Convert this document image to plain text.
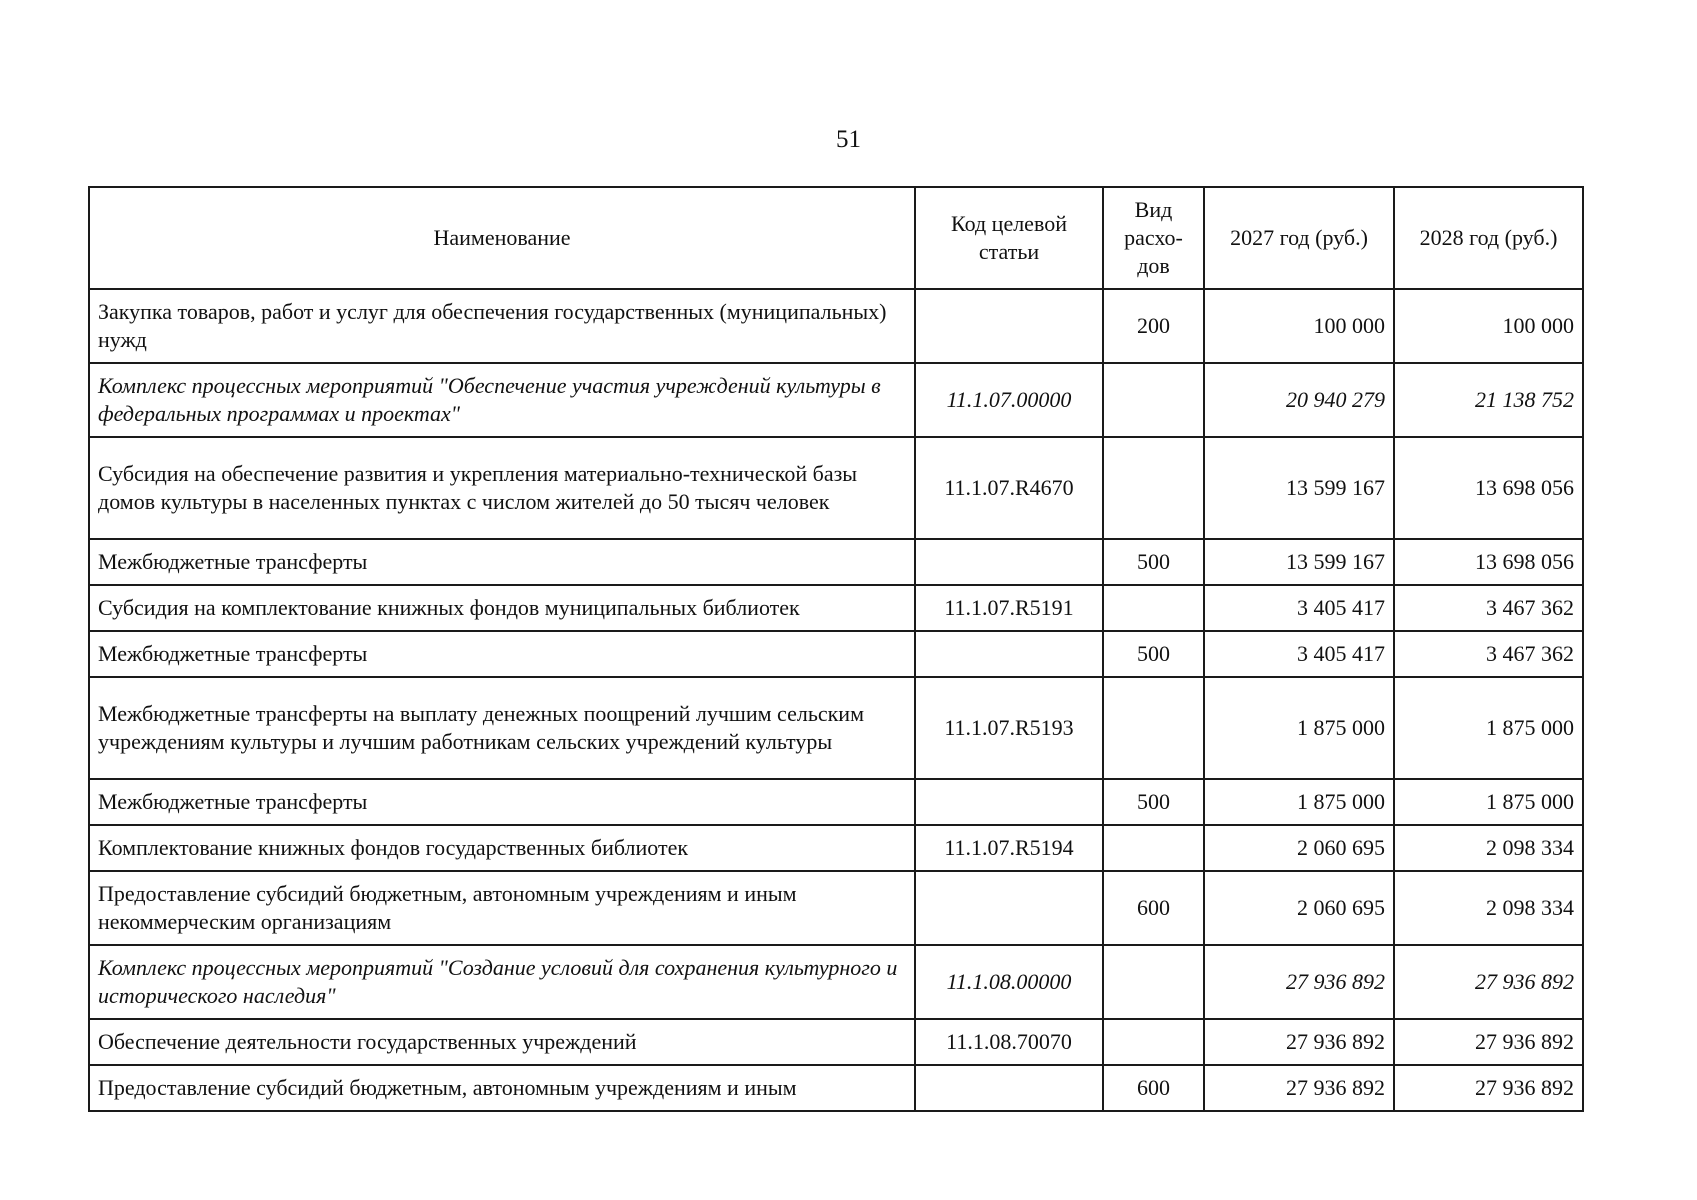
51
Наименование	Код целевой статьи	Вид расхо- дов	2027 год (руб.)	2028 год (руб.)
Закупка товаров, работ и услуг для обеспечения государственных (муниципальных) нужд		200	100 000	100 000
Комплекс процессных мероприятий "Обеспечение участия учреждений культуры в федеральных программах и проектах"	11.1.07.00000		20 940 279	21 138 752
Субсидия на обеспечение развития и укрепления материально-технической базы домов культуры в населенных пунктах с числом жителей до 50 тысяч человек	11.1.07.R4670		13 599 167	13 698 056
Межбюджетные трансферты		500	13 599 167	13 698 056
Субсидия на комплектование книжных фондов муниципальных библиотек	11.1.07.R5191		3 405 417	3 467 362
Межбюджетные трансферты		500	3 405 417	3 467 362
Межбюджетные трансферты на выплату денежных поощрений лучшим сельским учреждениям культуры и лучшим работникам сельских учреждений культуры	11.1.07.R5193		1 875 000	1 875 000
Межбюджетные трансферты		500	1 875 000	1 875 000
Комплектование книжных фондов государственных библиотек	11.1.07.R5194		2 060 695	2 098 334
Предоставление субсидий бюджетным, автономным учреждениям и иным некоммерческим организациям		600	2 060 695	2 098 334
Комплекс процессных мероприятий "Создание условий для сохранения культурного и исторического наследия"	11.1.08.00000		27 936 892	27 936 892
Обеспечение деятельности государственных учреждений	11.1.08.70070		27 936 892	27 936 892
Предоставление субсидий бюджетным, автономным учреждениям и иным		600	27 936 892	27 936 892
